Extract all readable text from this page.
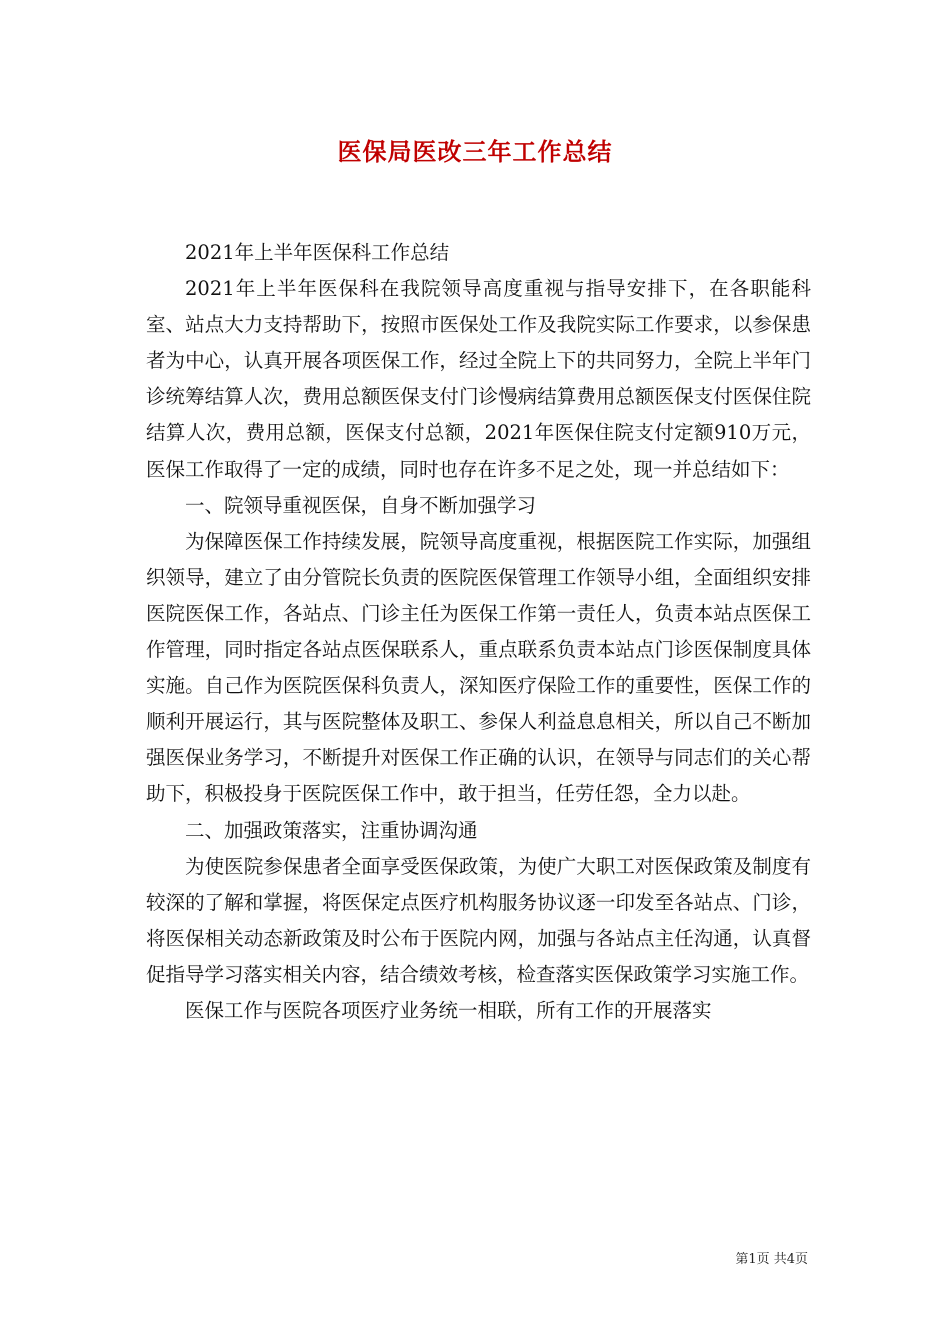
医保局医改三年工作总结

2021年上半年医保科工作总结

2021年上半年医保科在我院领导高度重视与指导安排下，在各职能科室、站点大力支持帮助下，按照市医保处工作及我院实际工作要求，以参保患者为中心，认真开展各项医保工作，经过全院上下的共同努力，全院上半年门诊统筹结算人次，费用总额医保支付门诊慢病结算费用总额医保支付医保住院结算人次，费用总额，医保支付总额，2021年医保住院支付定额910万元，医保工作取得了一定的成绩，同时也存在许多不足之处，现一并总结如下：

一、院领导重视医保，自身不断加强学习

为保障医保工作持续发展，院领导高度重视，根据医院工作实际，加强组织领导，建立了由分管院长负责的医院医保管理工作领导小组，全面组织安排医院医保工作，各站点、门诊主任为医保工作第一责任人，负责本站点医保工作管理，同时指定各站点医保联系人，重点联系负责本站点门诊医保制度具体实施。自己作为医院医保科负责人，深知医疗保险工作的重要性，医保工作的顺利开展运行，其与医院整体及职工、参保人利益息息相关，所以自己不断加强医保业务学习，不断提升对医保工作正确的认识，在领导与同志们的关心帮助下，积极投身于医院医保工作中，敢于担当，任劳任怨，全力以赴。

二、加强政策落实，注重协调沟通

为使医院参保患者全面享受医保政策，为使广大职工对医保政策及制度有较深的了解和掌握，将医保定点医疗机构服务协议逐一印发至各站点、门诊，将医保相关动态新政策及时公布于医院内网，加强与各站点主任沟通，认真督促指导学习落实相关内容，结合绩效考核，检查落实医保政策学习实施工作。

医保工作与医院各项医疗业务统一相联，所有工作的开展落实

第1页 共4页
